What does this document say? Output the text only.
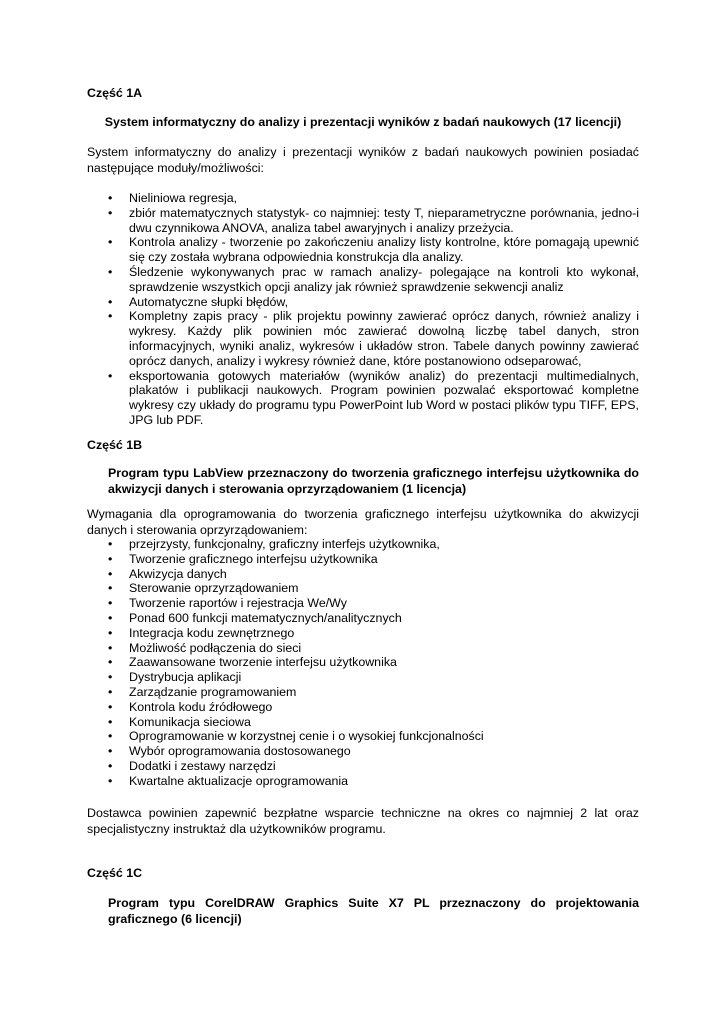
Część 1A

System informatyczny do analizy i prezentacji wyników z badań naukowych (17 licencji)

System informatyczny do analizy i prezentacji wyników z badań naukowych powinien posiadać następujące moduły/możliwości:

•
Nieliniowa regresja,
•
zbiór matematycznych statystyk- co najmniej: testy T, nieparametryczne porównania, jedno-i dwu czynnikowa ANOVA, analiza tabel awaryjnych i analizy przeżycia.
•
Kontrola analizy - tworzenie po zakończeniu analizy listy kontrolne, które pomagają upewnić się czy została wybrana odpowiednia konstrukcja dla analizy.
•
Śledzenie wykonywanych prac w ramach analizy- polegające na kontroli kto wykonał, sprawdzenie wszystkich opcji analizy jak również sprawdzenie sekwencji analiz
•
Automatyczne słupki błędów,
•
Kompletny zapis pracy - plik projektu powinny zawierać oprócz danych, również analizy i wykresy. Każdy plik powinien móc zawierać dowolną liczbę tabel danych, stron informacyjnych, wyniki analiz, wykresów i układów stron. Tabele danych powinny zawierać oprócz danych, analizy i wykresy również dane, które postanowiono odseparować,
•
eksportowania gotowych materiałów (wyników analiz) do prezentacji multimedialnych, plakatów i publikacji naukowych. Program powinien pozwalać eksportować kompletne wykresy czy układy do programu typu PowerPoint lub Word w postaci plików typu TIFF, EPS, JPG lub PDF.

Część 1B

Program typu LabView przeznaczony do tworzenia graficznego interfejsu użytkownika do akwizycji danych i sterowania oprzyrządowaniem (1 licencja)

Wymagania dla oprogramowania do tworzenia graficznego interfejsu użytkownika do akwizycji danych i sterowania oprzyrządowaniem:

•
przejrzysty, funkcjonalny, graficzny interfejs użytkownika,
•
Tworzenie graficznego interfejsu użytkownika
•
Akwizycja danych
•
Sterowanie oprzyrządowaniem
•
Tworzenie raportów i rejestracja We/Wy
•
Ponad 600 funkcji matematycznych/analitycznych
•
Integracja kodu zewnętrznego
•
Możliwość podłączenia do sieci
•
Zaawansowane tworzenie interfejsu użytkownika
•
Dystrybucja aplikacji
•
Zarządzanie programowaniem
•
Kontrola kodu źródłowego
•
Komunikacja sieciowa
•
Oprogramowanie w korzystnej cenie i o wysokiej funkcjonalności
•
Wybór oprogramowania dostosowanego
•
Dodatki i zestawy narzędzi
•
Kwartalne aktualizacje oprogramowania

Dostawca powinien zapewnić bezpłatne wsparcie techniczne na okres co najmniej 2 lat oraz specjalistyczny instruktaż dla użytkowników programu.

Część 1C

Program typu CorelDRAW Graphics Suite X7 PL przeznaczony do projektowania graficznego (6 licencji)
